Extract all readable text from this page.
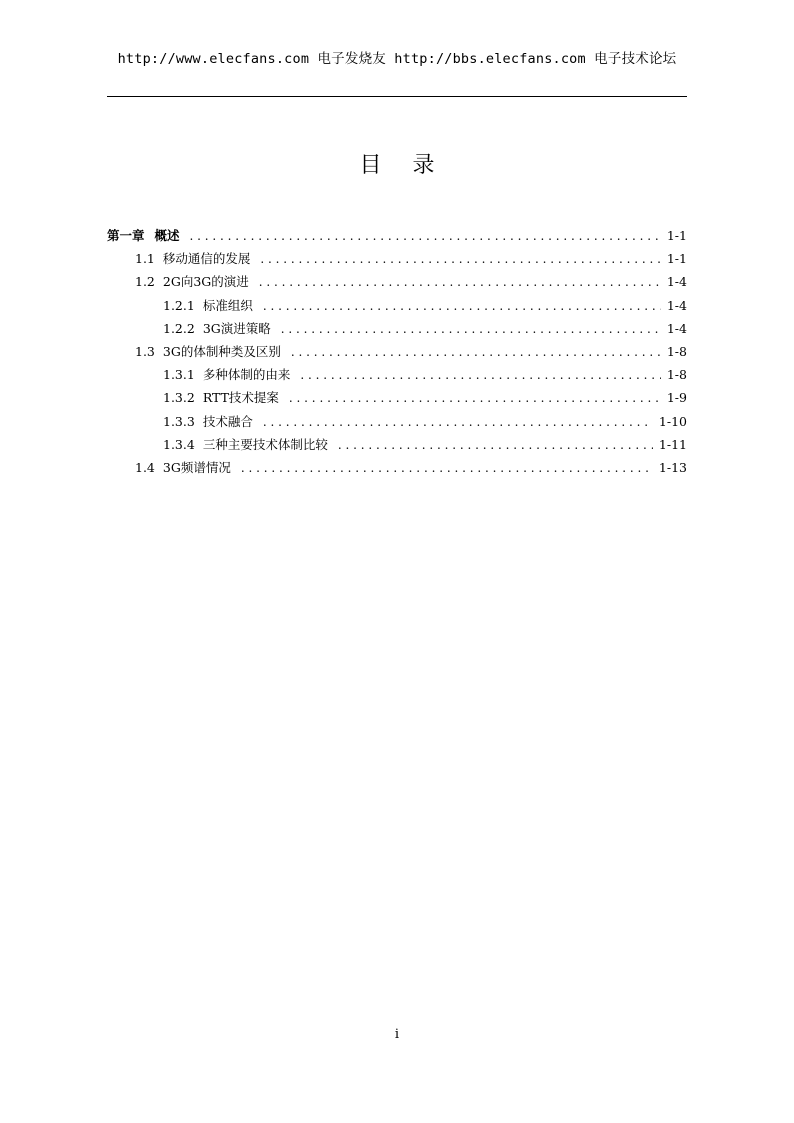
http://www.elecfans.com 电子发烧友 http://bbs.elecfans.com 电子技术论坛
目 录
第一章 概述 . . .	1-1
1.1 移动通信的发展 . . .	1-1
1.2 2G向3G的演进 . . .	1-4
1.2.1 标准组织 . . .	1-4
1.2.2 3G演进策略 . . .	1-4
1.3 3G的体制种类及区别 . . .	1-8
1.3.1 多种体制的由来 . . .	1-8
1.3.2 RTT技术提案 . . .	1-9
1.3.3 技术融合 . . .	1-10
1.3.4 三种主要技术体制比较 . . .	1-11
1.4 3G频谱情况 . . .	1-13
i
